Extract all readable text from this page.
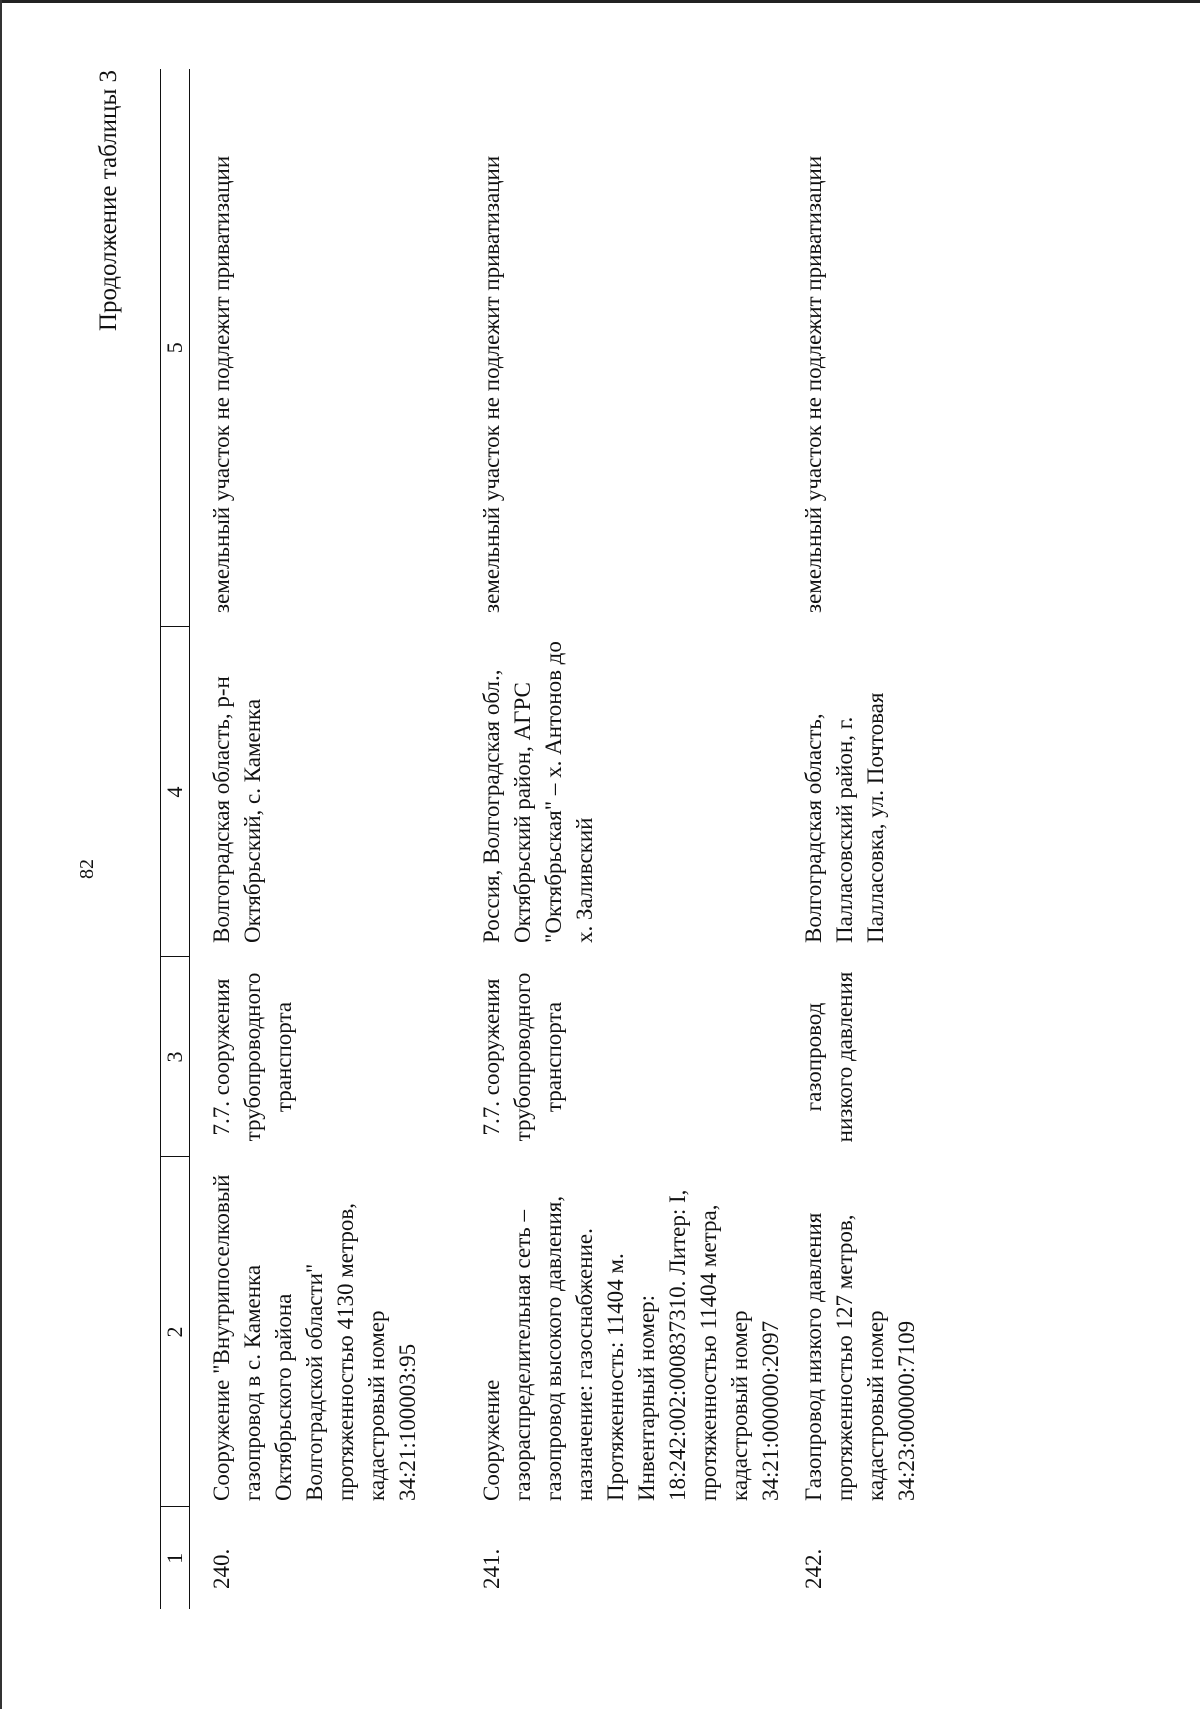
82
Продолжение таблицы 3
1	2	3	4	5
240.	Сооружение "Внутрипоселковый газопровод в с. Каменка Октябрьского района Волгоградской области" протяженностью 4130 метров, кадастровый номер 34:21:100003:95	7.7. сооружения трубопроводного транспорта	Волгоградская область, р-н Октябрьский, с. Каменка	земельный участок не подлежит приватизации
241.	Сооружение газораспределительная сеть – газопровод высокого давления, назначение: газоснабжение. Протяженность: 11404 м. Инвентарный номер: 18:242:002:000837310. Литер: I, протяженностью 11404 метра, кадастровый номер 34:21:000000:2097	7.7. сооружения трубопроводного транспорта	Россия, Волгоградская обл., Октябрьский район, АГРС "Октябрьская" – х. Антонов до х. Заливский	земельный участок не подлежит приватизации
242.	Газопровод низкого давления протяженностью 127 метров, кадастровый номер 34:23:000000:7109	газопровод низкого давления	Волгоградская область, Палласовский район, г. Палласовка, ул. Почтовая	земельный участок не подлежит приватизации
